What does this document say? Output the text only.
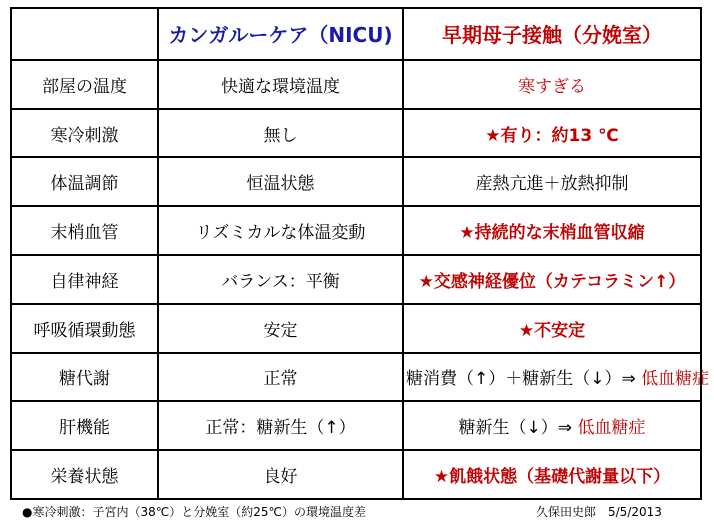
	カンガルーケア（NICU)	早期母子接触（分娩室）
部屋の温度	快適な環境温度	寒すぎる
寒冷刺激	無し	★有り：約13 ℃
体温調節	恒温状態	産熱亢進＋放熱抑制
末梢血管	リズミカルな体温変動	★持続的な末梢血管収縮
自律神経	バランス：平衡	★交感神経優位（カテコラミン↑）
呼吸循環動態	安定	★不安定
糖代謝	正常	糖消費（↑）＋糖新生（↓）⇒ 低血糖症
肝機能	正常：糖新生（↑）	糖新生（↓）⇒ 低血糖症
栄養状態	良好	★飢餓状態（基礎代謝量以下）
●寒冷刺激：子宮内（38℃）と分娩室（約25℃）の環境温度差	久保田史郎　5/5/2013
